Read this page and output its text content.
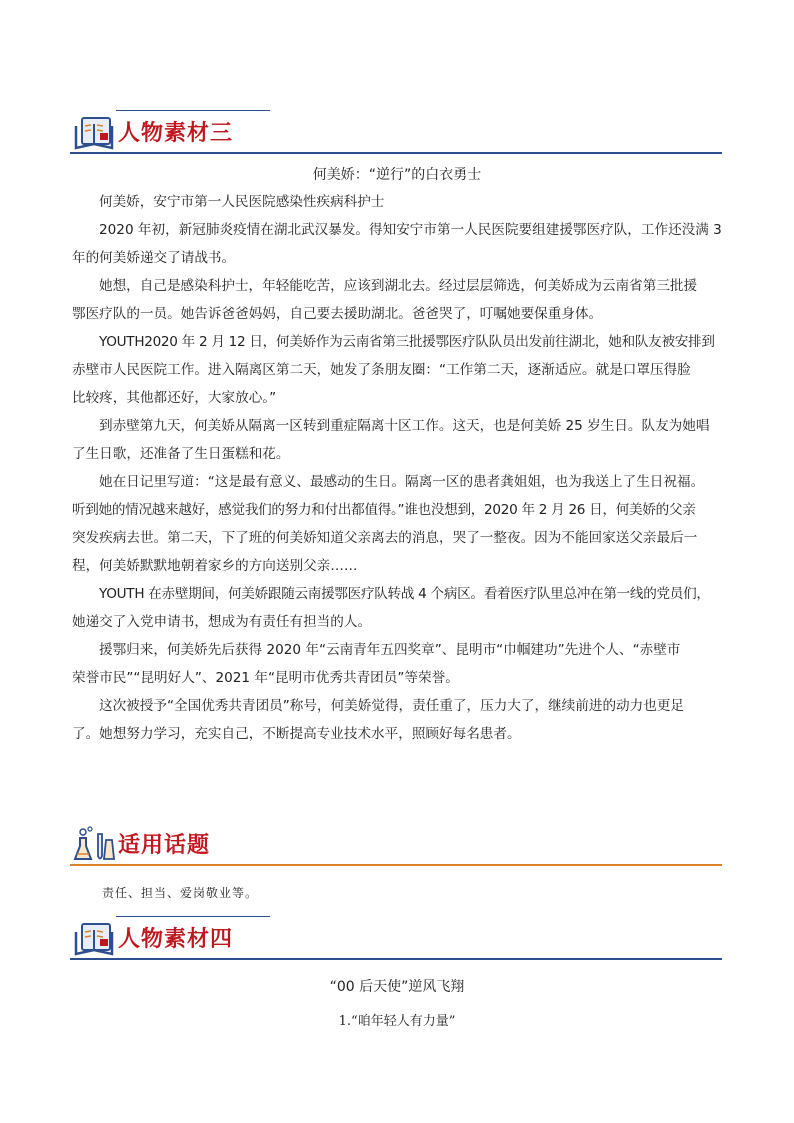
人物素材三
何美娇：“逆行”的白衣勇士
何美娇，安宁市第一人民医院感染性疾病科护士
2020 年初，新冠肺炎疫情在湖北武汉暴发。得知安宁市第一人民医院要组建援鄂医疗队，工作还没满 3
年的何美娇递交了请战书。
她想，自己是感染科护士，年轻能吃苦，应该到湖北去。经过层层筛选，何美娇成为云南省第三批援
鄂医疗队的一员。她告诉爸爸妈妈，自己要去援助湖北。爸爸哭了，叮嘱她要保重身体。
YOUTH2020 年 2 月 12 日，何美娇作为云南省第三批援鄂医疗队队员出发前往湖北，她和队友被安排到
赤壁市人民医院工作。进入隔离区第二天，她发了条朋友圈：“工作第二天，逐渐适应。就是口罩压得脸
比较疼，其他都还好，大家放心。”
到赤壁第九天，何美娇从隔离一区转到重症隔离十区工作。这天，也是何美娇 25 岁生日。队友为她唱
了生日歌，还准备了生日蛋糕和花。
她在日记里写道：“这是最有意义、最感动的生日。隔离一区的患者龚姐姐，也为我送上了生日祝福。
听到她的情况越来越好，感觉我们的努力和付出都值得。”谁也没想到，2020 年 2 月 26 日，何美娇的父亲
突发疾病去世。第二天，下了班的何美娇知道父亲离去的消息，哭了一整夜。因为不能回家送父亲最后一
程，何美娇默默地朝着家乡的方向送别父亲……
YOUTH 在赤壁期间，何美娇跟随云南援鄂医疗队转战 4 个病区。看着医疗队里总冲在第一线的党员们，
她递交了入党申请书，想成为有责任有担当的人。
援鄂归来，何美娇先后获得 2020 年“云南青年五四奖章”、昆明市“巾帼建功”先进个人、“赤壁市
荣誉市民”“昆明好人”、2021 年“昆明市优秀共青团员”等荣誉。
这次被授予“全国优秀共青团员”称号，何美娇觉得，责任重了，压力大了，继续前进的动力也更足
了。她想努力学习，充实自己，不断提高专业技术水平，照顾好每名患者。
适用话题
责任、担当、爱岗敬业等。
人物素材四
“00 后天使”逆风飞翔
1.“咱年轻人有力量”
